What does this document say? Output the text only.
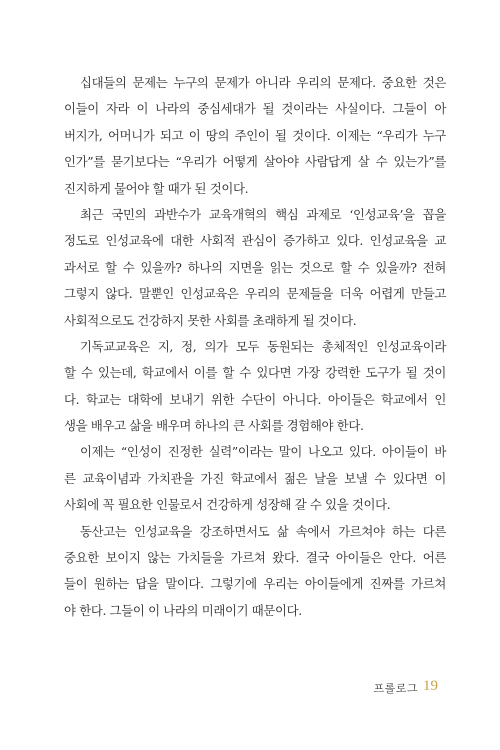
십대들의 문제는 누구의 문제가 아니라 우리의 문제다. 중요한 것은
이들이 자라 이 나라의 중심세대가 될 것이라는 사실이다. 그들이 아
버지가, 어머니가 되고 이 땅의 주인이 될 것이다. 이제는 “우리가 누구
인가”를 묻기보다는 “우리가 어떻게 살아야 사람답게 살 수 있는가”를
진지하게 물어야 할 때가 된 것이다.
최근 국민의 과반수가 교육개혁의 핵심 과제로 ‘인성교육’을 꼽을
정도로 인성교육에 대한 사회적 관심이 증가하고 있다. 인성교육을 교
과서로 할 수 있을까? 하나의 지면을 읽는 것으로 할 수 있을까? 전혀
그렇지 않다. 말뿐인 인성교육은 우리의 문제들을 더욱 어렵게 만들고
사회적으로도 건강하지 못한 사회를 초래하게 될 것이다.
기독교교육은 지, 정, 의가 모두 동원되는 총체적인 인성교육이라
할 수 있는데, 학교에서 이를 할 수 있다면 가장 강력한 도구가 될 것이
다. 학교는 대학에 보내기 위한 수단이 아니다. 아이들은 학교에서 인
생을 배우고 삶을 배우며 하나의 큰 사회를 경험해야 한다.
이제는 “인성이 진정한 실력”이라는 말이 나오고 있다. 아이들이 바
른 교육이념과 가치관을 가진 학교에서 젊은 날을 보낼 수 있다면 이
사회에 꼭 필요한 인물로서 건강하게 성장해 갈 수 있을 것이다.
동산고는 인성교육을 강조하면서도 삶 속에서 가르쳐야 하는 다른
중요한 보이지 않는 가치들을 가르쳐 왔다. 결국 아이들은 안다. 어른
들이 원하는 답을 말이다. 그렇기에 우리는 아이들에게 진짜를 가르쳐
야 한다. 그들이 이 나라의 미래이기 때문이다.
프롤로그 19
